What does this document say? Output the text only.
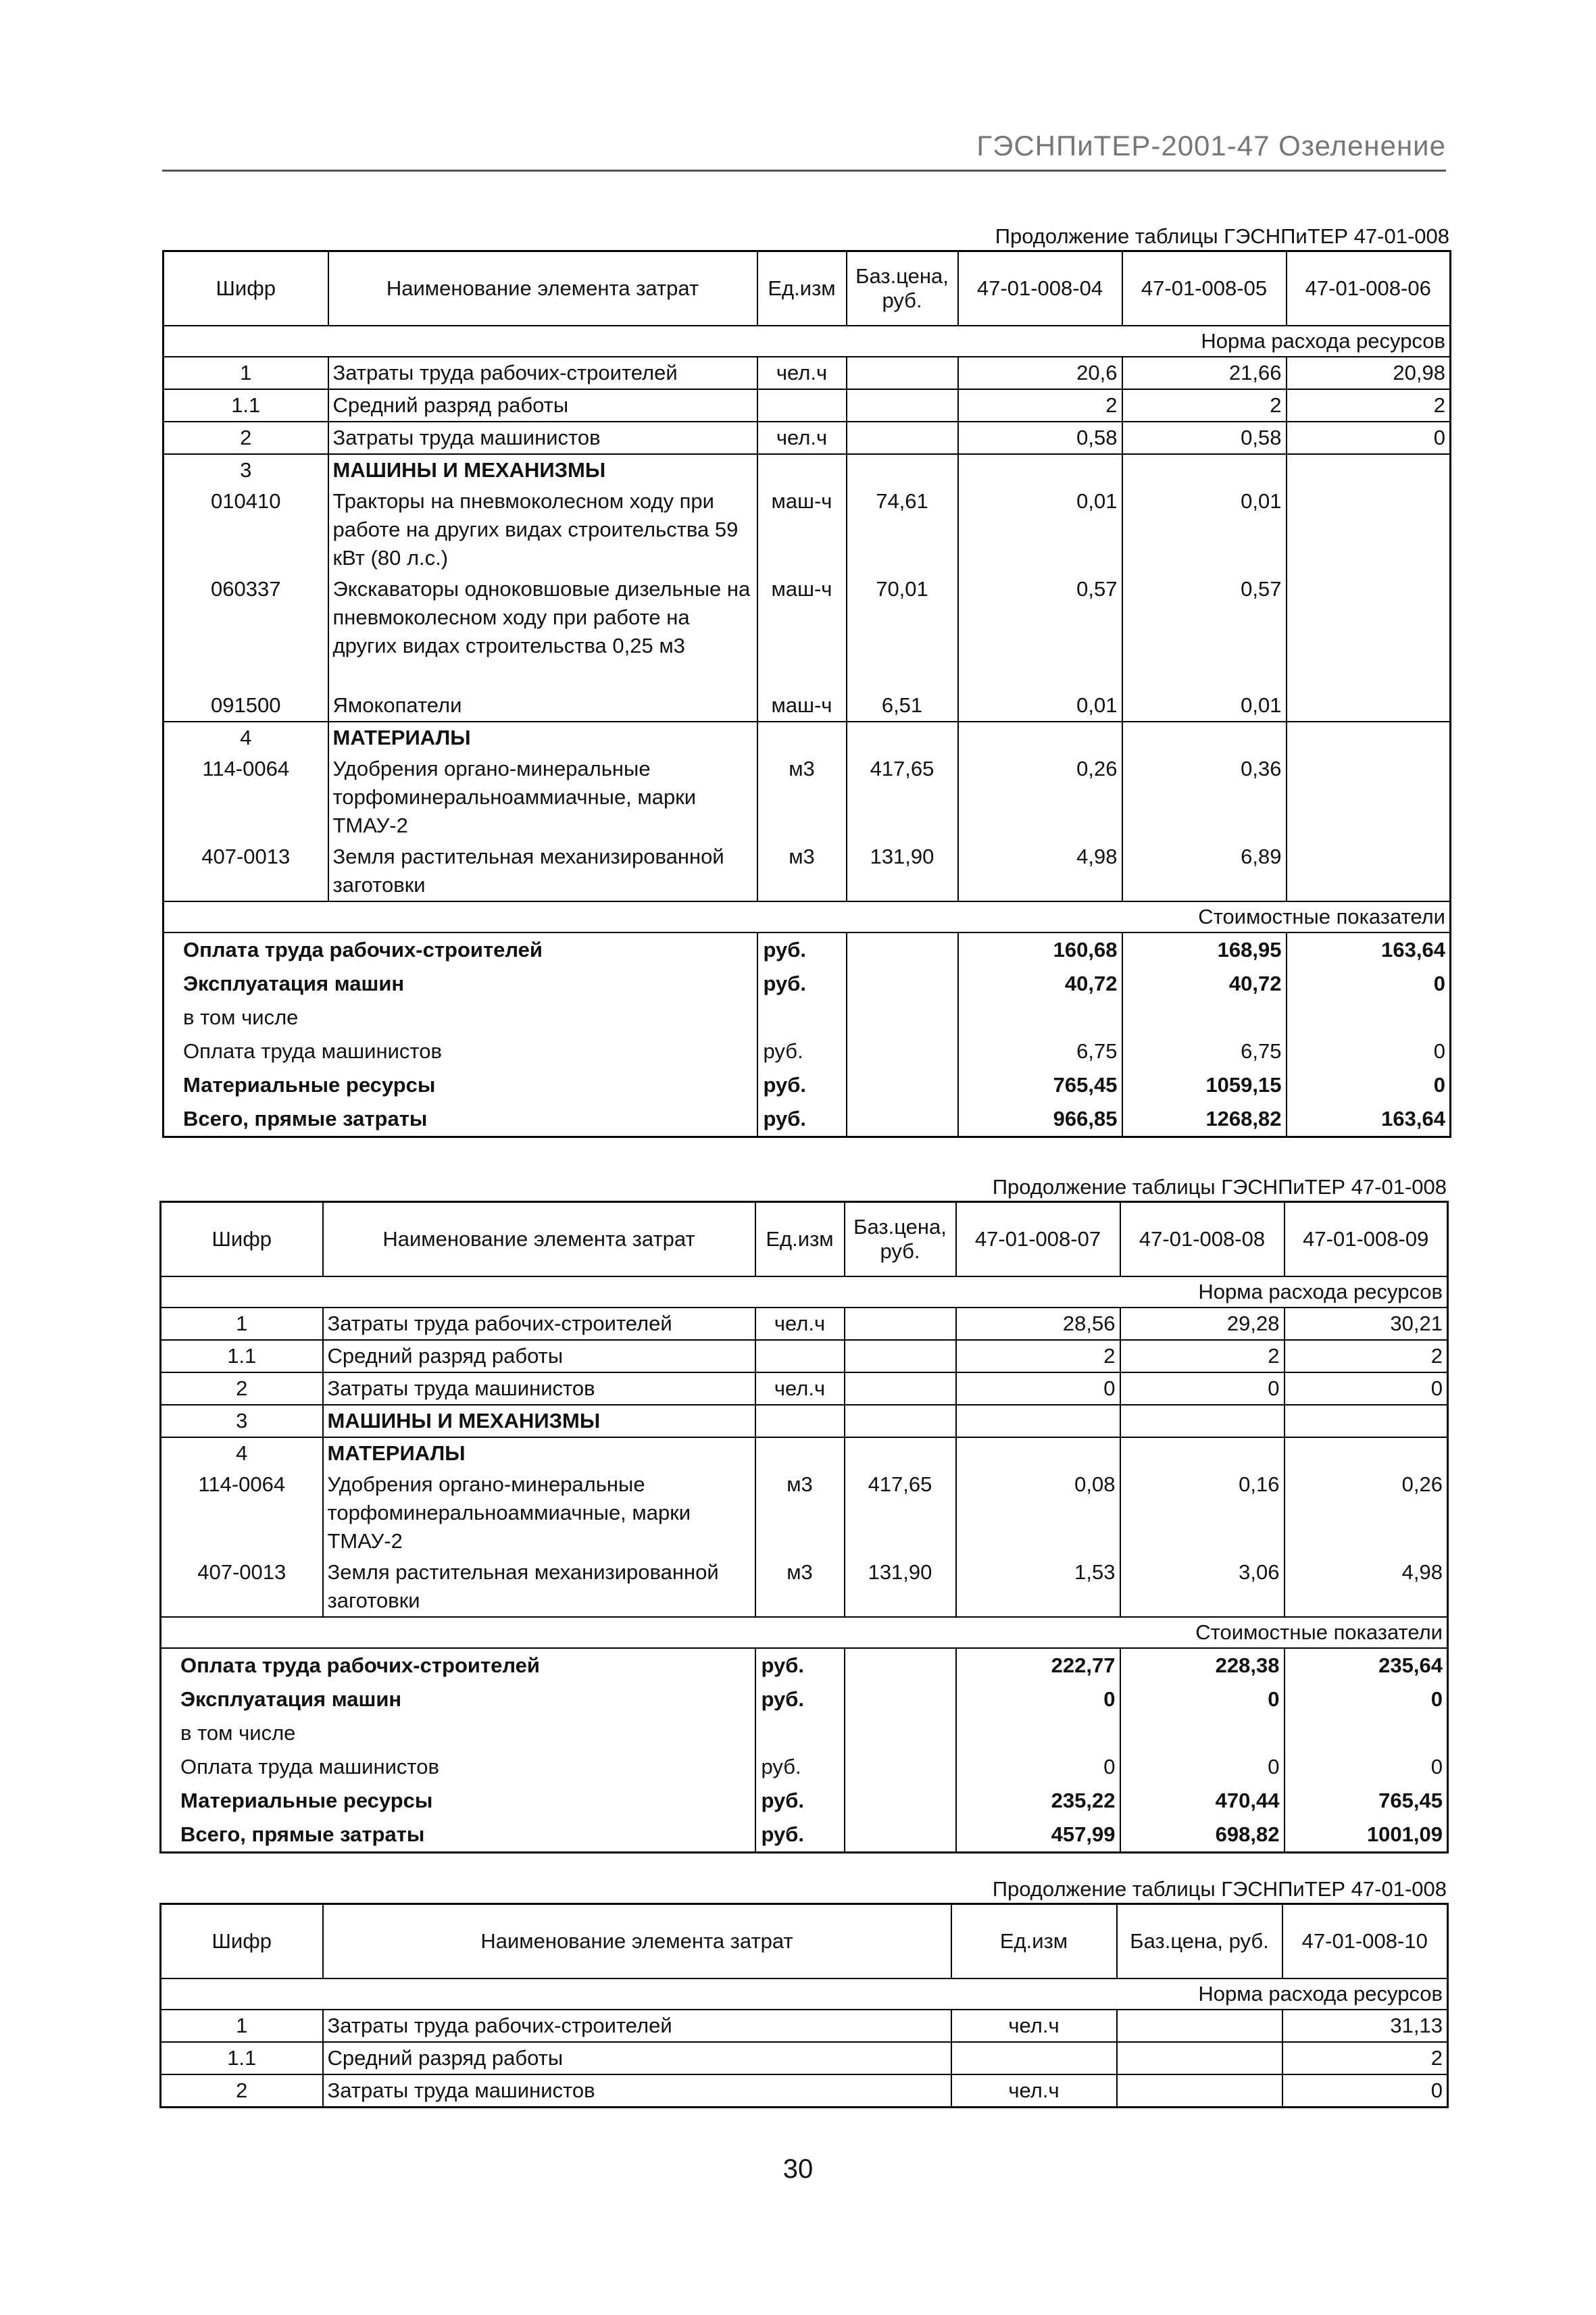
ГЭСНПиТЕР-2001-47 Озеленение
Продолжение таблицы ГЭСНПиТЕР 47-01-008
Шифр	Наименование элемента затрат	Ед.изм	Баз.цена, руб.	47-01-008-04	47-01-008-05	47-01-008-06
Норма расхода ресурсов						
1	Затраты труда рабочих-строителей	чел.ч		20,6	21,66	20,98
1.1	Средний разряд работы			2	2	2
2	Затраты труда машинистов	чел.ч		0,58	0,58	0
3	МАШИНЫ И МЕХАНИЗМЫ					
010410	Тракторы на пневмоколесном ходу при работе на других видах строительства 59 кВт (80 л.с.)	маш-ч	74,61	0,01	0,01	
060337	Экскаваторы одноковшовые дизельные на пневмоколесном ходу при работе на других видах строительства 0,25 м3	маш-ч	70,01	0,57	0,57	
091500	Ямокопатели	маш-ч	6,51	0,01	0,01	
4	МАТЕРИАЛЫ					
114-0064	Удобрения органо-минеральные торфоминеральноаммиачные, марки ТМАУ-2	м3	417,65	0,26	0,36	
407-0013	Земля растительная механизированной заготовки	м3	131,90	4,98	6,89	
Стоимостные показатели						
Оплата труда рабочих-строителей		руб.		160,68	168,95	163,64
Эксплуатация машин		руб.		40,72	40,72	0
в том числе						
Оплата труда машинистов		руб.		6,75	6,75	0
Материальные ресурсы		руб.		765,45	1059,15	0
Всего, прямые затраты		руб.		966,85	1268,82	163,64
Продолжение таблицы ГЭСНПиТЕР 47-01-008
Шифр	Наименование элемента затрат	Ед.изм	Баз.цена, руб.	47-01-008-07	47-01-008-08	47-01-008-09
Норма расхода ресурсов						
1	Затраты труда рабочих-строителей	чел.ч		28,56	29,28	30,21
1.1	Средний разряд работы			2	2	2
2	Затраты труда машинистов	чел.ч		0	0	0
3	МАШИНЫ И МЕХАНИЗМЫ					
4	МАТЕРИАЛЫ					
114-0064	Удобрения органо-минеральные торфоминеральноаммиачные, марки ТМАУ-2	м3	417,65	0,08	0,16	0,26
407-0013	Земля растительная механизированной заготовки	м3	131,90	1,53	3,06	4,98
Стоимостные показатели						
Оплата труда рабочих-строителей		руб.		222,77	228,38	235,64
Эксплуатация машин		руб.		0	0	0
в том числе						
Оплата труда машинистов		руб.		0	0	0
Материальные ресурсы		руб.		235,22	470,44	765,45
Всего, прямые затраты		руб.		457,99	698,82	1001,09
Продолжение таблицы ГЭСНПиТЕР 47-01-008
Шифр	Наименование элемента затрат	Ед.изм	Баз.цена, руб.	47-01-008-10
Норма расхода ресурсов				
1	Затраты труда рабочих-строителей	чел.ч		31,13
1.1	Средний разряд работы			2
2	Затраты труда машинистов	чел.ч		0
30
